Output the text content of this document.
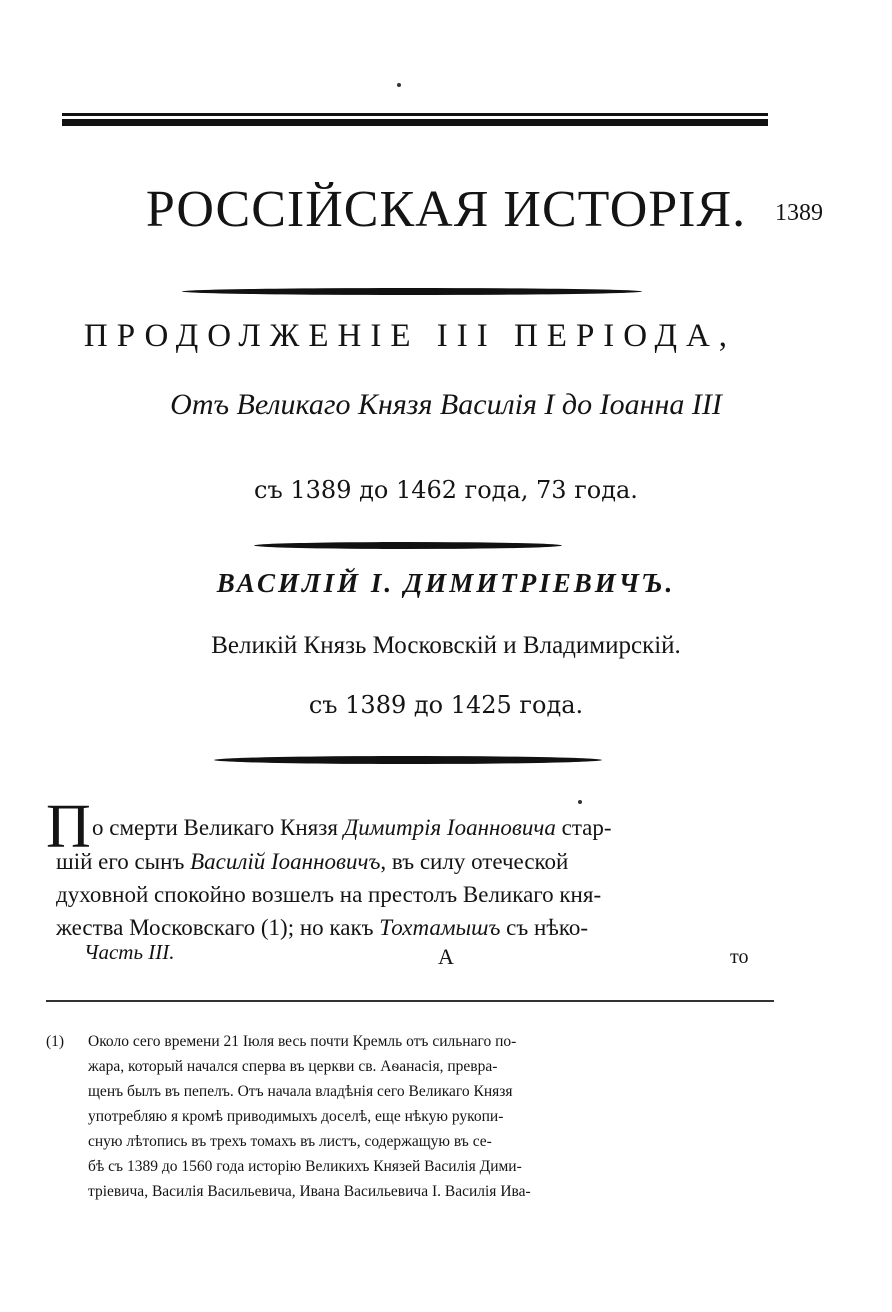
РОССІЙСКАЯ ИСТОРІЯ.	1389
ПРОДОЛЖЕНІЕ III ПЕРІОДА,
Отъ Великаго Князя Василія I до Іоанна III
съ 1389 до 1462 года, 73 года.
ВАСИЛІЙ I. ДИМИТРІЕВИЧЪ.
Великій Князь Московскій и Владимирскій.
съ 1389 до 1425 года.
П о смерти Великаго Князя Димитрія Іоанновича стар-
шій его сынъ Василій Іоанновичъ, въ силу отеческой
духовной спокойно возшелъ на престолъ Великаго кня-
жества Московскаго (1); но какъ Тохтамышъ съ нѣко-
Часть III.	А	то
(1) Около сего времени 21 Іюля весь почти Кремль отъ сильнаго по-
жара, который начался сперва въ церкви св. Аѳанасія, превра-
щенъ былъ въ пепелъ. Отъ начала владѣнія сего Великаго Князя
употребляю я кромѣ приводимыхъ доселѣ, еще нѣкую рукопи-
сную лѣтопись въ трехъ томахъ въ листъ, содержащую въ се-
бѣ съ 1389 до 1560 года исторію Великихъ Князей Василія Дими-
тріевича, Василія Васильевича, Ивана Васильевича I. Василія Ива-
